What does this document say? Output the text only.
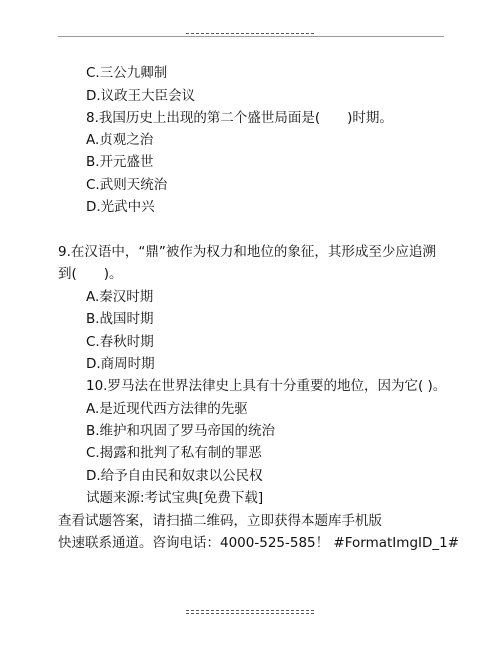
C.三公九卿制
D.议政王大臣会议
8.我国历史上出现的第二个盛世局面是(　　)时期。
A.贞观之治
B.开元盛世
C.武则天统治
D.光武中兴
9.在汉语中，“鼎”被作为权力和地位的象征，其形成至少应追溯
到(　　)。
A.秦汉时期
B.战国时期
C.春秋时期
D.商周时期
10.罗马法在世界法律史上具有十分重要的地位，因为它( )。
A.是近现代西方法律的先驱
B.维护和巩固了罗马帝国的统治
C.揭露和批判了私有制的罪恶
D.给予自由民和奴隶以公民权
试题来源:考试宝典[免费下载]
查看试题答案，请扫描二维码，立即获得本题库手机版
快速联系通道。咨询电话：4000-525-585！ #FormatImgID_1#
